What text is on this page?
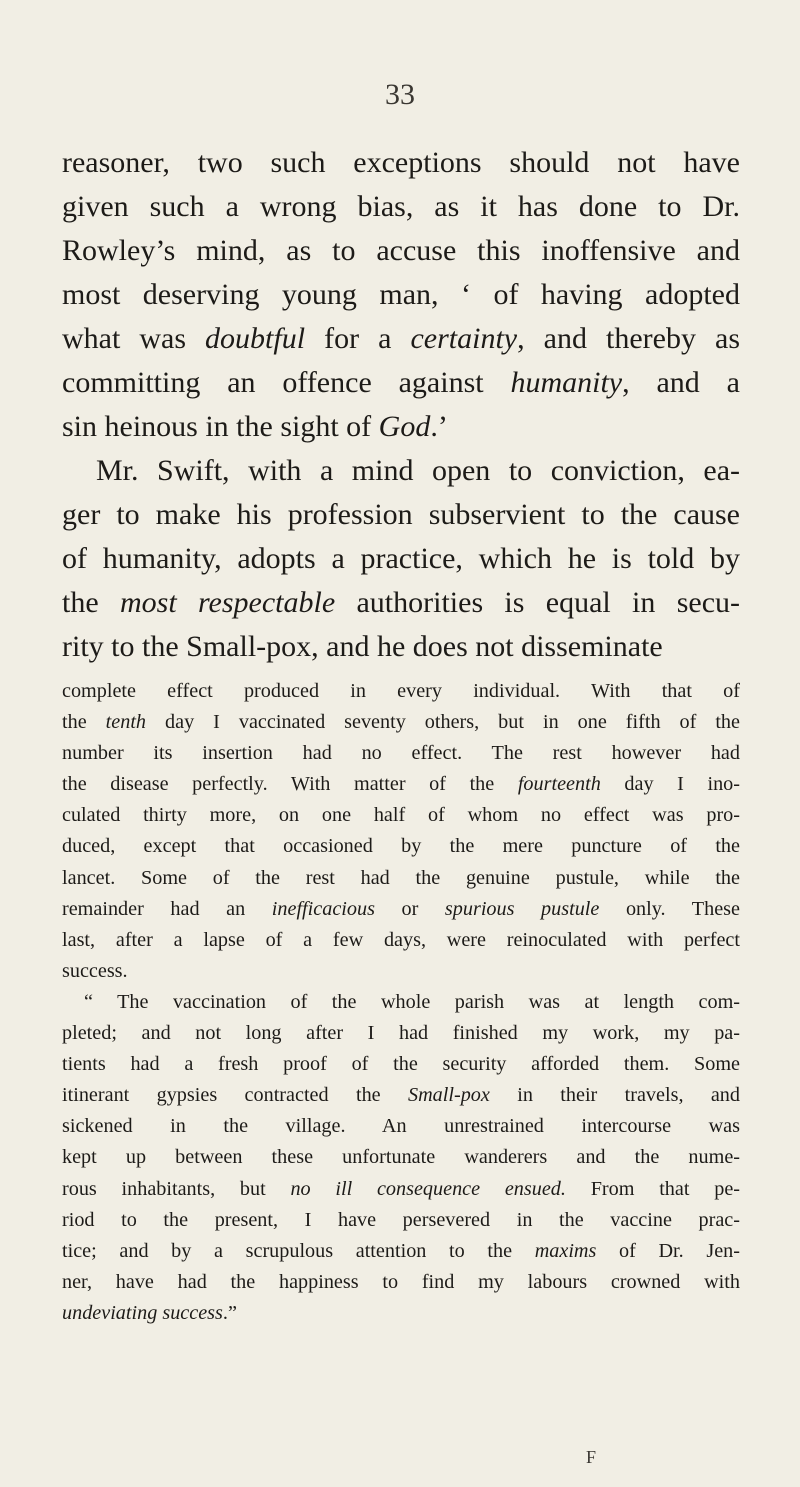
33
reasoner, two such exceptions should not have
given such a wrong bias, as it has done to Dr.
Rowley’s mind, as to accuse this inoffensive and
most deserving young man, ‘ of having adopted
what was doubtful for a certainty, and thereby as
committing an offence against humanity, and a
sin heinous in the sight of God.’
Mr. Swift, with a mind open to conviction, ea-
ger to make his profession subservient to the cause
of humanity, adopts a practice, which he is told by
the most respectable authorities is equal in secu-
rity to the Small-pox, and he does not disseminate
complete effect produced in every individual. With that of
the tenth day I vaccinated seventy others, but in one fifth of the
number its insertion had no effect. The rest however had
the disease perfectly. With matter of the fourteenth day I ino-
culated thirty more, on one half of whom no effect was pro-
duced, except that occasioned by the mere puncture of the
lancet. Some of the rest had the genuine pustule, while the
remainder had an inefficacious or spurious pustule only. These
last, after a lapse of a few days, were reinoculated with perfect
success.
“ The vaccination of the whole parish was at length com-
pleted; and not long after I had finished my work, my pa-
tients had a fresh proof of the security afforded them. Some
itinerant gypsies contracted the Small-pox in their travels, and
sickened in the village. An unrestrained intercourse was
kept up between these unfortunate wanderers and the nume-
rous inhabitants, but no ill consequence ensued. From that pe-
riod to the present, I have persevered in the vaccine prac-
tice; and by a scrupulous attention to the maxims of Dr. Jen-
ner, have had the happiness to find my labours crowned with
undeviating success.”
F
